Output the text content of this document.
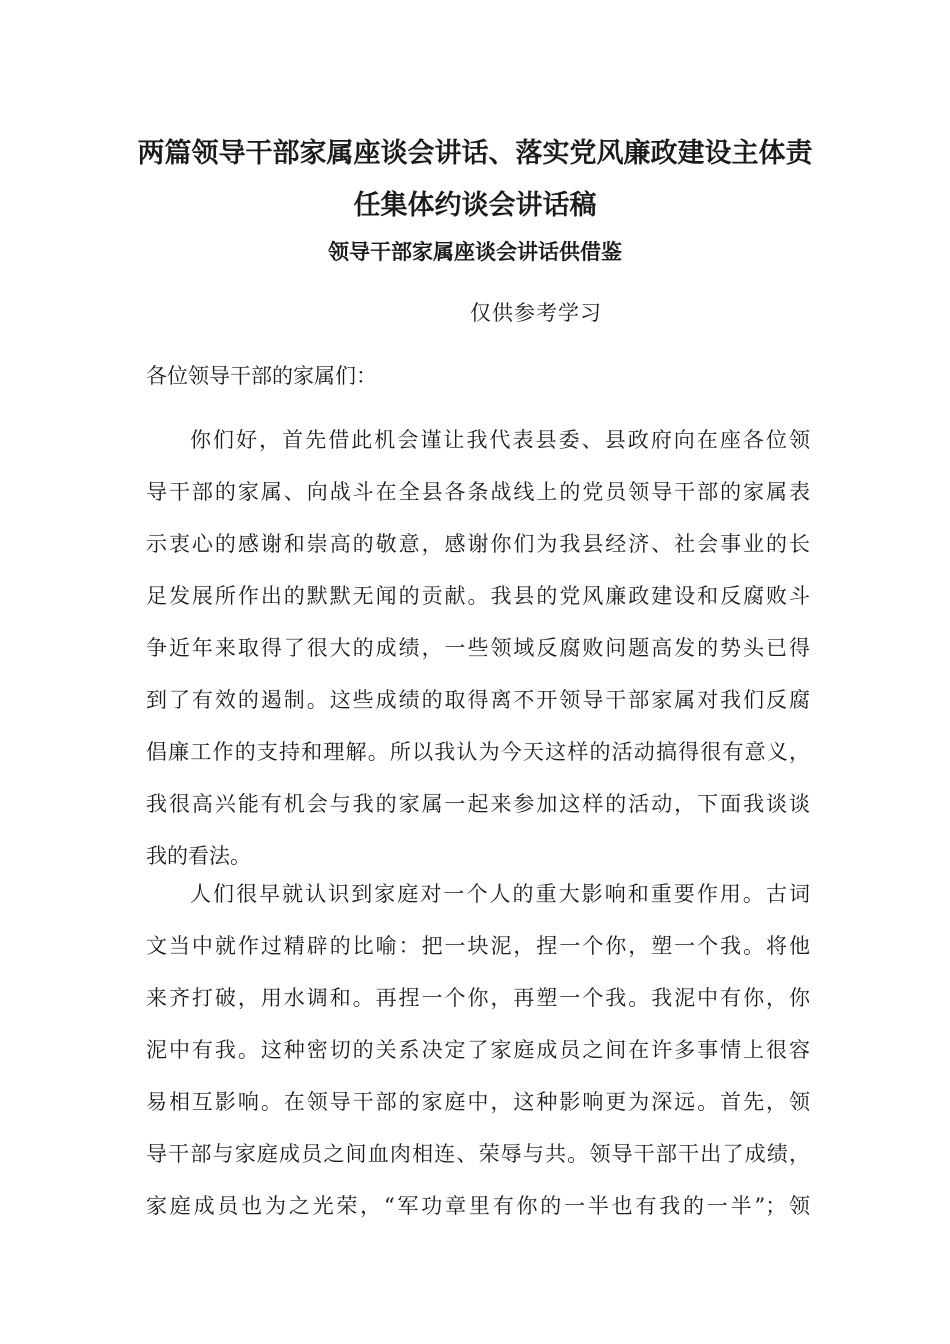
两篇领导干部家属座谈会讲话、落实党风廉政建设主体责
任集体约谈会讲话稿
领导干部家属座谈会讲话供借鉴

仅供参考学习

各位领导干部的家属们：

你们好，首先借此机会谨让我代表县委、县政府向在座各位领
导干部的家属、向战斗在全县各条战线上的党员领导干部的家属表
示衷心的感谢和崇高的敬意，感谢你们为我县经济、社会事业的长
足发展所作出的默默无闻的贡献。我县的党风廉政建设和反腐败斗
争近年来取得了很大的成绩，一些领域反腐败问题高发的势头已得
到了有效的遏制。这些成绩的取得离不开领导干部家属对我们反腐
倡廉工作的支持和理解。所以我认为今天这样的活动搞得很有意义，
我很高兴能有机会与我的家属一起来参加这样的活动，下面我谈谈
我的看法。
人们很早就认识到家庭对一个人的重大影响和重要作用。古词
文当中就作过精辟的比喻：把一块泥，捏一个你，塑一个我。将他
来齐打破，用水调和。再捏一个你，再塑一个我。我泥中有你，你
泥中有我。这种密切的关系决定了家庭成员之间在许多事情上很容
易相互影响。在领导干部的家庭中，这种影响更为深远。首先，领
导干部与家庭成员之间血肉相连、荣辱与共。领导干部干出了成绩，
家庭成员也为之光荣，“军功章里有你的一半也有我的一半”；领
